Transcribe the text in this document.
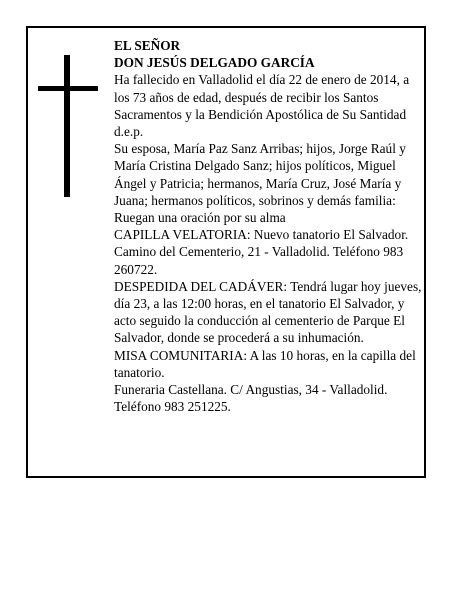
EL SEÑOR

DON JESÚS DELGADO GARCÍA

Ha fallecido en Valladolid el día 22 de enero de 2014, a los 73 años de edad, después de recibir los Santos Sacramentos y la Bendición Apostólica de Su Santidad d.e.p.

Su esposa, María Paz Sanz Arribas; hijos, Jorge Raúl y María Cristina Delgado Sanz; hijos políticos, Miguel Ángel y Patricia; hermanos, María Cruz, José María y Juana; hermanos políticos, sobrinos y demás familia:

Ruegan una oración por su alma

CAPILLA VELATORIA: Nuevo tanatorio El Salvador. Camino del Cementerio, 21 - Valladolid. Teléfono 983 260722.

DESPEDIDA DEL CADÁVER: Tendrá lugar hoy jueves, día 23, a las 12:00 horas, en el tanatorio El Salvador, y acto seguido la conducción al cementerio de Parque El Salvador, donde se procederá a su inhumación.

MISA COMUNITARIA: A las 10 horas, en la capilla del tanatorio.

Funeraria Castellana. C/ Angustias, 34 - Valladolid. Teléfono 983 251225.
